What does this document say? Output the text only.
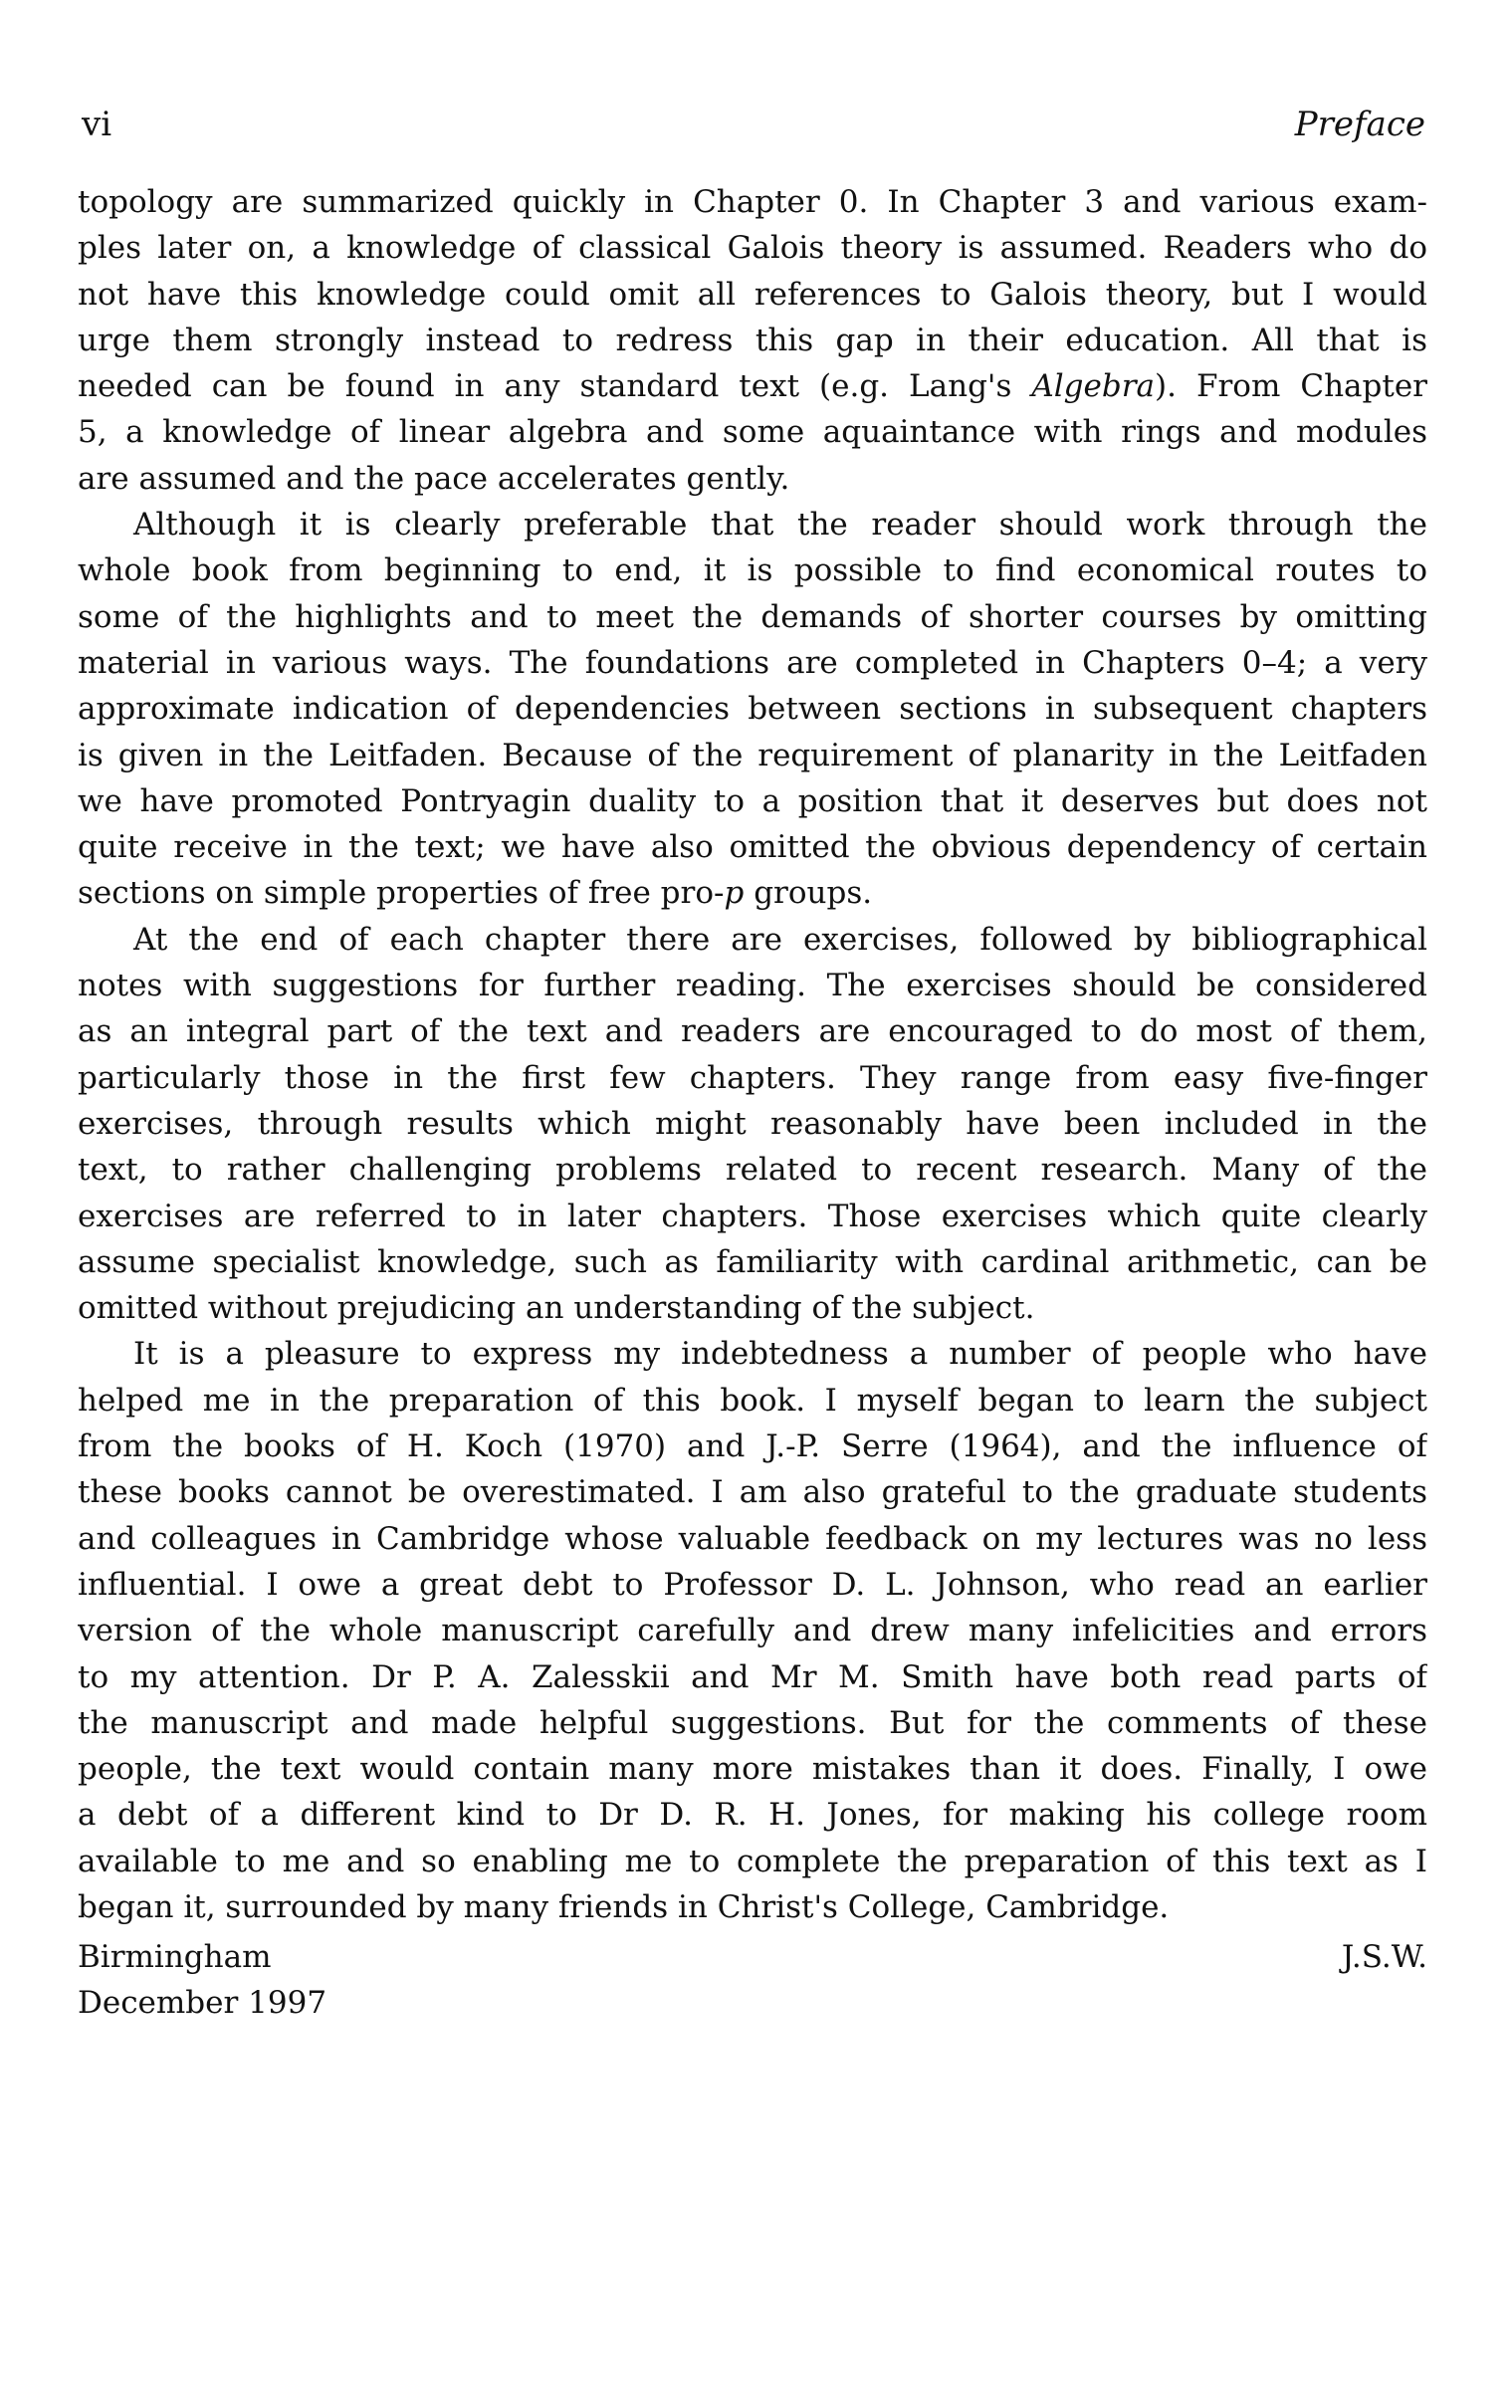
vi	Preface
topology are summarized quickly in Chapter 0. In Chapter 3 and various exam-
ples later on, a knowledge of classical Galois theory is assumed. Readers who do
not have this knowledge could omit all references to Galois theory, but I would
urge them strongly instead to redress this gap in their education. All that is
needed can be found in any standard text (e.g. Lang's Algebra). From Chapter
5, a knowledge of linear algebra and some aquaintance with rings and modules
are assumed and the pace accelerates gently.
Although it is clearly preferable that the reader should work through the
whole book from beginning to end, it is possible to find economical routes to
some of the highlights and to meet the demands of shorter courses by omitting
material in various ways. The foundations are completed in Chapters 0–4; a very
approximate indication of dependencies between sections in subsequent chapters
is given in the Leitfaden. Because of the requirement of planarity in the Leitfaden
we have promoted Pontryagin duality to a position that it deserves but does not
quite receive in the text; we have also omitted the obvious dependency of certain
sections on simple properties of free pro-p groups.
At the end of each chapter there are exercises, followed by bibliographical
notes with suggestions for further reading. The exercises should be considered
as an integral part of the text and readers are encouraged to do most of them,
particularly those in the first few chapters. They range from easy five-finger
exercises, through results which might reasonably have been included in the
text, to rather challenging problems related to recent research. Many of the
exercises are referred to in later chapters. Those exercises which quite clearly
assume specialist knowledge, such as familiarity with cardinal arithmetic, can be
omitted without prejudicing an understanding of the subject.
It is a pleasure to express my indebtedness a number of people who have
helped me in the preparation of this book. I myself began to learn the subject
from the books of H. Koch (1970) and J.-P. Serre (1964), and the influence of
these books cannot be overestimated. I am also grateful to the graduate students
and colleagues in Cambridge whose valuable feedback on my lectures was no less
influential. I owe a great debt to Professor D. L. Johnson, who read an earlier
version of the whole manuscript carefully and drew many infelicities and errors
to my attention. Dr P. A. Zalesskii and Mr M. Smith have both read parts of
the manuscript and made helpful suggestions. But for the comments of these
people, the text would contain many more mistakes than it does. Finally, I owe
a debt of a different kind to Dr D. R. H. Jones, for making his college room
available to me and so enabling me to complete the preparation of this text as I
began it, surrounded by many friends in Christ's College, Cambridge.
Birmingham
December 1997
J.S.W.
